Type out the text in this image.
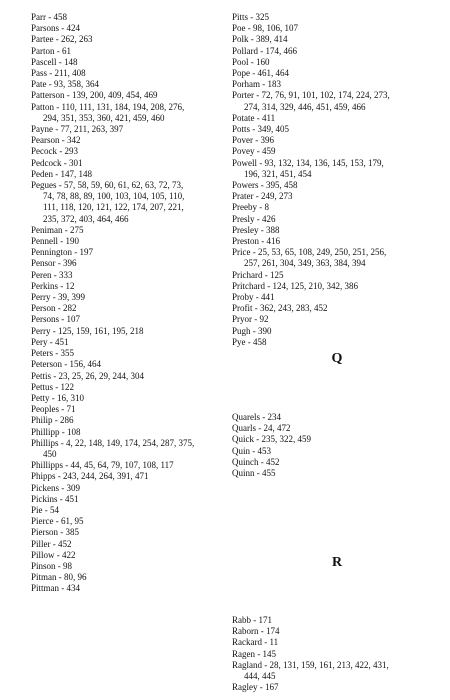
Parr - 458
Parsons - 424
Partee - 262, 263
Parton - 61
Pascell - 148
Pass - 211, 408
Pate - 93, 358, 364
Patterson - 139, 200, 409, 454, 469
Patton - 110, 111, 131, 184, 194, 208, 276,
294, 351, 353, 360, 421, 459, 460
Payne - 77, 211, 263, 397
Pearson - 342
Pecock - 293
Pedcock - 301
Peden - 147, 148
Pegues - 57, 58, 59, 60, 61, 62, 63, 72, 73,
74, 78, 88, 89, 100, 103, 104, 105, 110,
111, 118, 120, 121, 122, 174, 207, 221,
235, 372, 403, 464, 466
Peniman - 275
Pennell - 190
Pennington - 197
Pensor - 396
Peren - 333
Perkins - 12
Perry - 39, 399
Person - 282
Persons - 107
Perry - 125, 159, 161, 195, 218
Pery - 451
Peters - 355
Peterson - 156, 464
Pettis - 23, 25, 26, 29, 244, 304
Pettus - 122
Petty - 16, 310
Peoples - 71
Philip - 286
Phillipp - 108
Phillips - 4, 22, 148, 149, 174, 254, 287, 375,
450
Phillipps - 44, 45, 64, 79, 107, 108, 117
Phipps - 243, 244, 264, 391, 471
Pickens - 309
Pickins - 451
Pie - 54
Pierce - 61, 95
Pierson - 385
Piller - 452
Pillow - 422
Pinson - 98
Pitman - 80, 96
Pittman - 434
Pitts - 325
Poe - 98, 106, 107
Polk - 389, 414
Pollard - 174, 466
Pool - 160
Pope - 461, 464
Porham - 183
Porter - 72, 76, 91, 101, 102, 174, 224, 273,
274, 314, 329, 446, 451, 459, 466
Potate - 411
Potts - 349, 405
Pover - 396
Povey - 459
Powell - 93, 132, 134, 136, 145, 153, 179,
196, 321, 451, 454
Powers - 395, 458
Prater - 249, 273
Preeby - 8
Presly - 426
Presley - 388
Preston - 416
Price - 25, 53, 65, 108, 249, 250, 251, 256,
257, 261, 304, 349, 363, 384, 394
Prichard - 125
Pritchard - 124, 125, 210, 342, 386
Proby - 441
Profit - 362, 243, 283, 452
Pryor - 92
Pugh - 390
Pye - 458
Q
Quarels - 234
Quarls - 24, 472
Quick - 235, 322, 459
Quin - 453
Quinch - 452
Quinn - 455
R
Rabb - 171
Raborn - 174
Rackard - 11
Ragen - 145
Ragland - 28, 131, 159, 161, 213, 422, 431,
444, 445
Ragley - 167
